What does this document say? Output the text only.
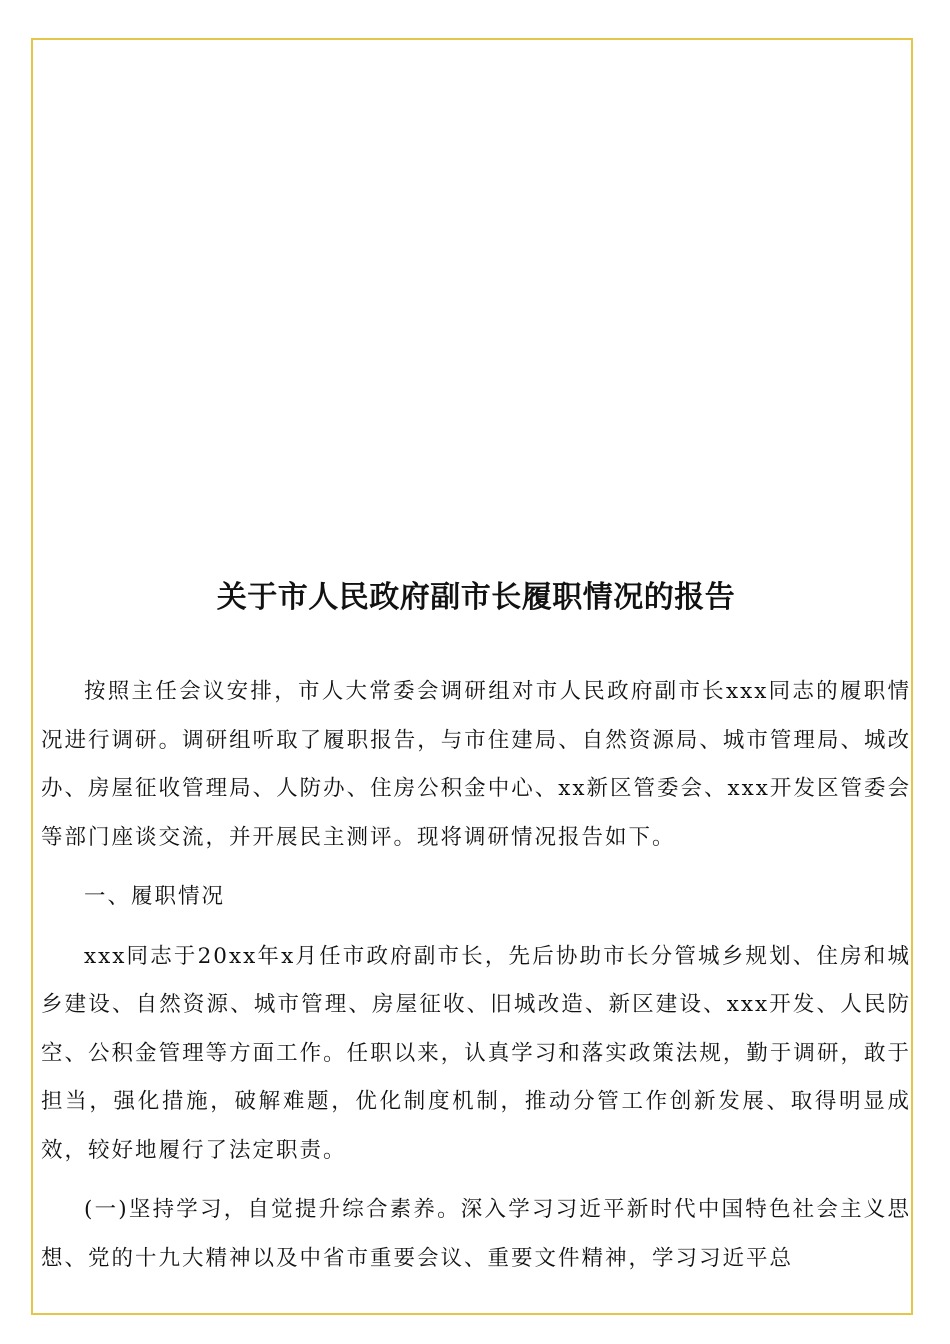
关于市人民政府副市长履职情况的报告

按照主任会议安排，市人大常委会调研组对市人民政府副市长xxx同志的履职情况进行调研。调研组听取了履职报告，与市住建局、自然资源局、城市管理局、城改办、房屋征收管理局、人防办、住房公积金中心、xx新区管委会、xxx开发区管委会等部门座谈交流，并开展民主测评。现将调研情况报告如下。

一、履职情况

xxx同志于20xx年x月任市政府副市长，先后协助市长分管城乡规划、住房和城乡建设、自然资源、城市管理、房屋征收、旧城改造、新区建设、xxx开发、人民防空、公积金管理等方面工作。任职以来，认真学习和落实政策法规，勤于调研，敢于担当，强化措施，破解难题，优化制度机制，推动分管工作创新发展、取得明显成效，较好地履行了法定职责。

(一)坚持学习，自觉提升综合素养。深入学习习近平新时代中国特色社会主义思想、党的十九大精神以及中省市重要会议、重要文件精神，学习习近平总
